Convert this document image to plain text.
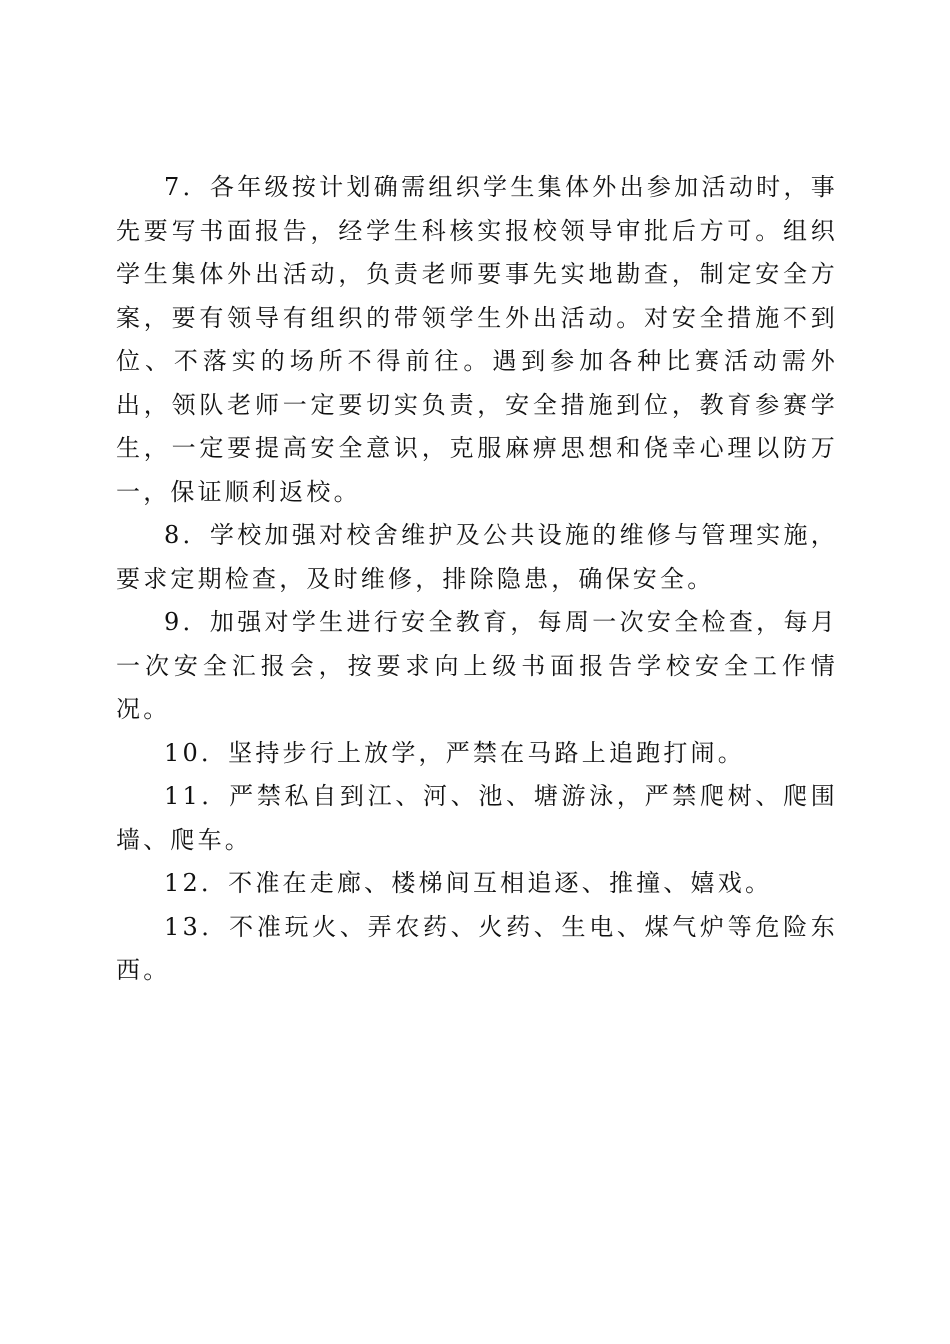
7．各年级按计划确需组织学生集体外出参加活动时，事先要写书面报告，经学生科核实报校领导审批后方可。组织学生集体外出活动，负责老师要事先实地勘查，制定安全方案，要有领导有组织的带领学生外出活动。对安全措施不到位、不落实的场所不得前往。遇到参加各种比赛活动需外出，领队老师一定要切实负责，安全措施到位，教育参赛学生，一定要提高安全意识，克服麻痹思想和侥幸心理以防万一，保证顺利返校。

8．学校加强对校舍维护及公共设施的维修与管理实施，要求定期检查，及时维修，排除隐患，确保安全。

9．加强对学生进行安全教育，每周一次安全检查，每月一次安全汇报会，按要求向上级书面报告学校安全工作情况。

10．坚持步行上放学，严禁在马路上追跑打闹。

11．严禁私自到江、河、池、塘游泳，严禁爬树、爬围墙、爬车。

12．不准在走廊、楼梯间互相追逐、推撞、嬉戏。

13．不准玩火、弄农药、火药、生电、煤气炉等危险东西。
